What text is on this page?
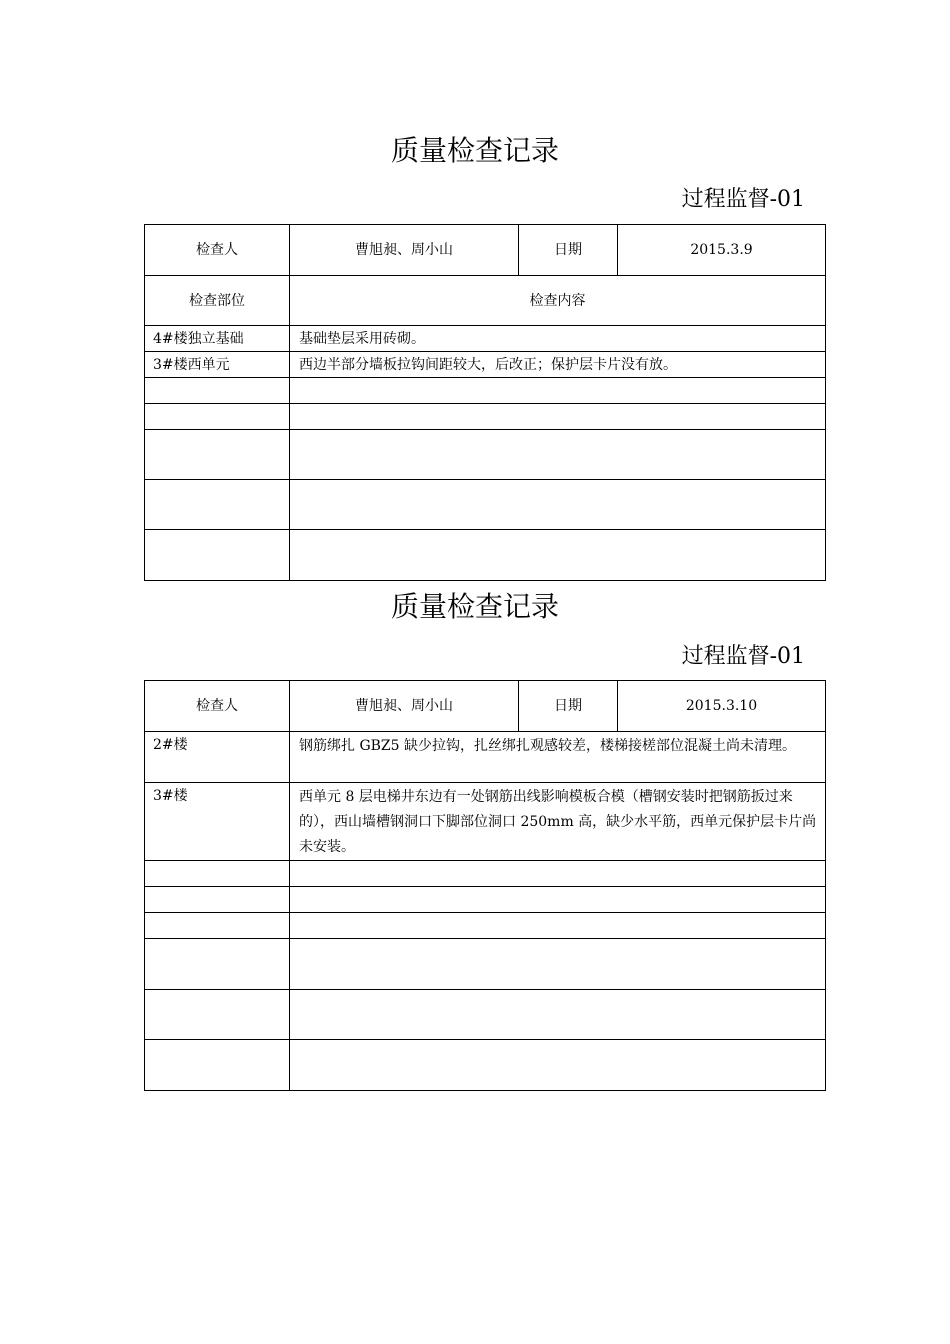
质量检查记录
过程监督-01
检查人	曹旭昶、周小山	日期	2015.3.9
检查部位	检查内容		
4#楼独立基础	基础垫层采用砖砌。		
3#楼西单元	西边半部分墙板拉钩间距较大，后改正；保护层卡片没有放。		

质量检查记录
过程监督-01
检查人	曹旭昶、周小山	日期	2015.3.10
2#楼	钢筋绑扎 GBZ5 缺少拉钩，扎丝绑扎观感较差，楼梯接槎部位混凝土尚未清理。		
3#楼	西单元 8 层电梯井东边有一处钢筋出线影响模板合模（槽钢安装时把钢筋扳过来的），西山墙槽钢洞口下脚部位洞口 250mm 高，缺少水平筋，西单元保护层卡片尚未安装。		
